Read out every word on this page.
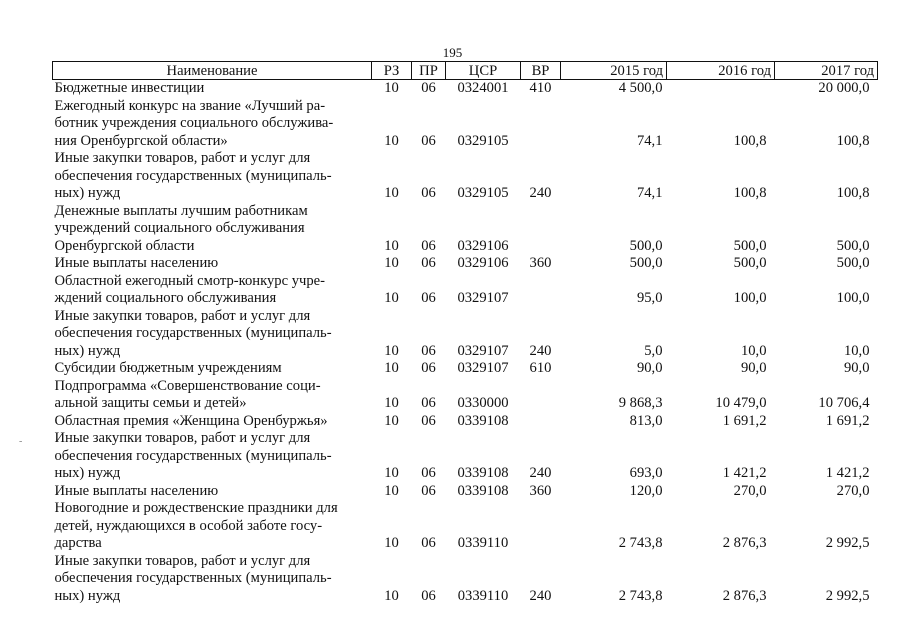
195
Наименование	РЗ	ПР	ЦСР	ВР	2015 год	2016 год	2017 год
Бюджетные инвестиции	10	06	0324001	410	4 500,0		20 000,0
Ежегодный конкурс на звание «Лучший ра-
ботник учреждения социального обслужива-
ния Оренбургской области»	10	06	0329105		74,1	100,8	100,8
Иные закупки товаров, работ и услуг для
обеспечения государственных (муниципаль-
ных) нужд	10	06	0329105	240	74,1	100,8	100,8
Денежные выплаты лучшим работникам
учреждений социального обслуживания
Оренбургской области	10	06	0329106		500,0	500,0	500,0
Иные выплаты населению	10	06	0329106	360	500,0	500,0	500,0
Областной ежегодный смотр-конкурс учре-
ждений социального обслуживания	10	06	0329107		95,0	100,0	100,0
Иные закупки товаров, работ и услуг для
обеспечения государственных (муниципаль-
ных) нужд	10	06	0329107	240	5,0	10,0	10,0
Субсидии бюджетным учреждениям	10	06	0329107	610	90,0	90,0	90,0
Подпрограмма «Совершенствование соци-
альной защиты семьи и детей»	10	06	0330000		9 868,3	10 479,0	10 706,4
Областная премия «Женщина Оренбуржья»	10	06	0339108		813,0	1 691,2	1 691,2
Иные закупки товаров, работ и услуг для
обеспечения государственных (муниципаль-
ных) нужд	10	06	0339108	240	693,0	1 421,2	1 421,2
Иные выплаты населению	10	06	0339108	360	120,0	270,0	270,0
Новогодние и рождественские праздники для
детей, нуждающихся в особой заботе госу-
дарства	10	06	0339110		2 743,8	2 876,3	2 992,5
Иные закупки товаров, работ и услуг для
обеспечения государственных (муниципаль-
ных) нужд	10	06	0339110	240	2 743,8	2 876,3	2 992,5
-
